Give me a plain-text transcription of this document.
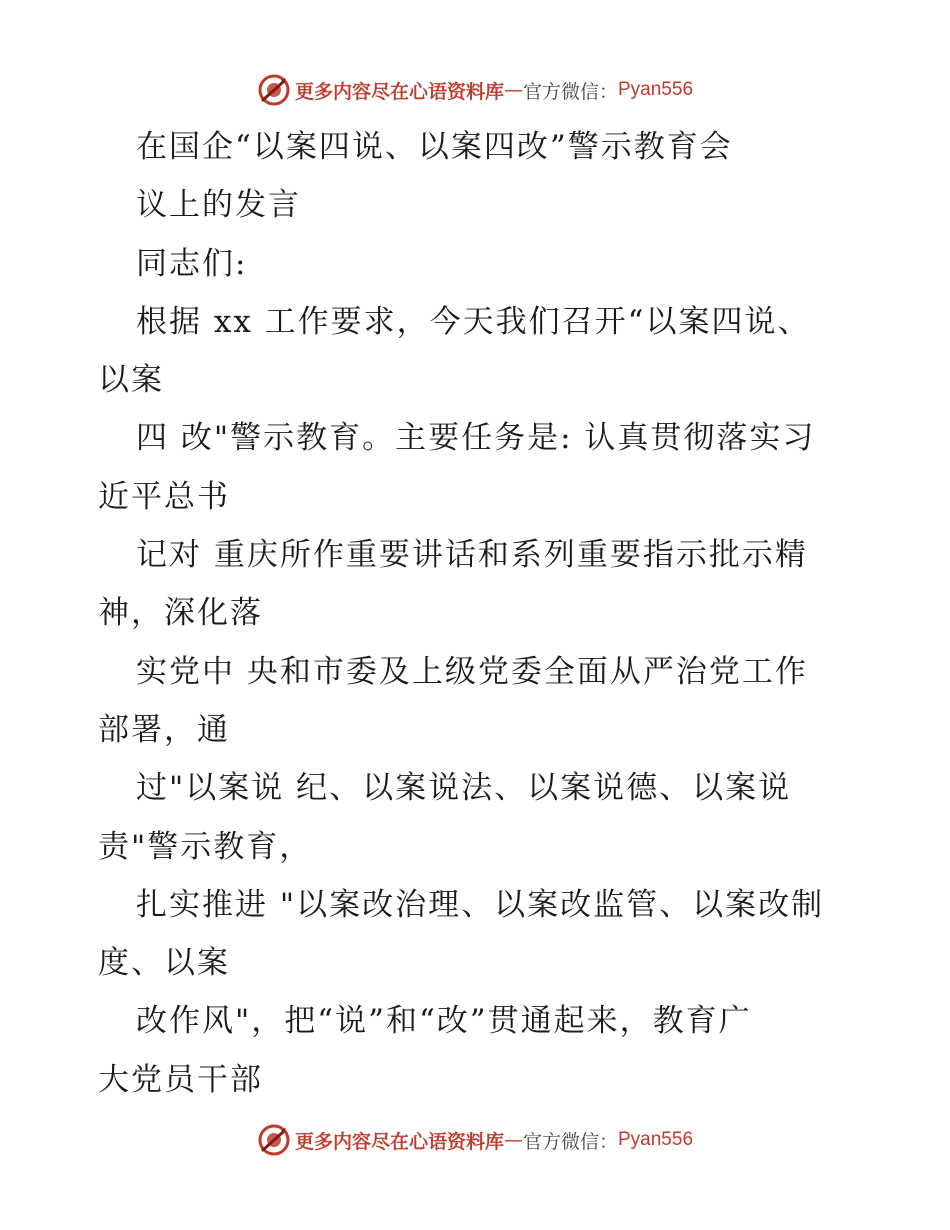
更多内容尽在心语资料库 — 官方微信： Pyan556
在国企“以案四说、以案四改”警示教育会
议上的发言
同志们:
根据 xx 工作要求，今天我们召开“以案四说、
以案
四 改"警示教育。主要任务是: 认真贯彻落实习
近平总书
记对 重庆所作重要讲话和系列重要指示批示精
神，深化落
实党中 央和市委及上级党委全面从严治党工作
部署，通
过"以案说 纪、以案说法、以案说德、以案说
责"警示教育，
扎实推进 "以案改治理、以案改监管、以案改制
度、以案
改作风"，把“说”和“改”贯通起来，教育广
大党员干部
更多内容尽在心语资料库 — 官方微信： Pyan556
